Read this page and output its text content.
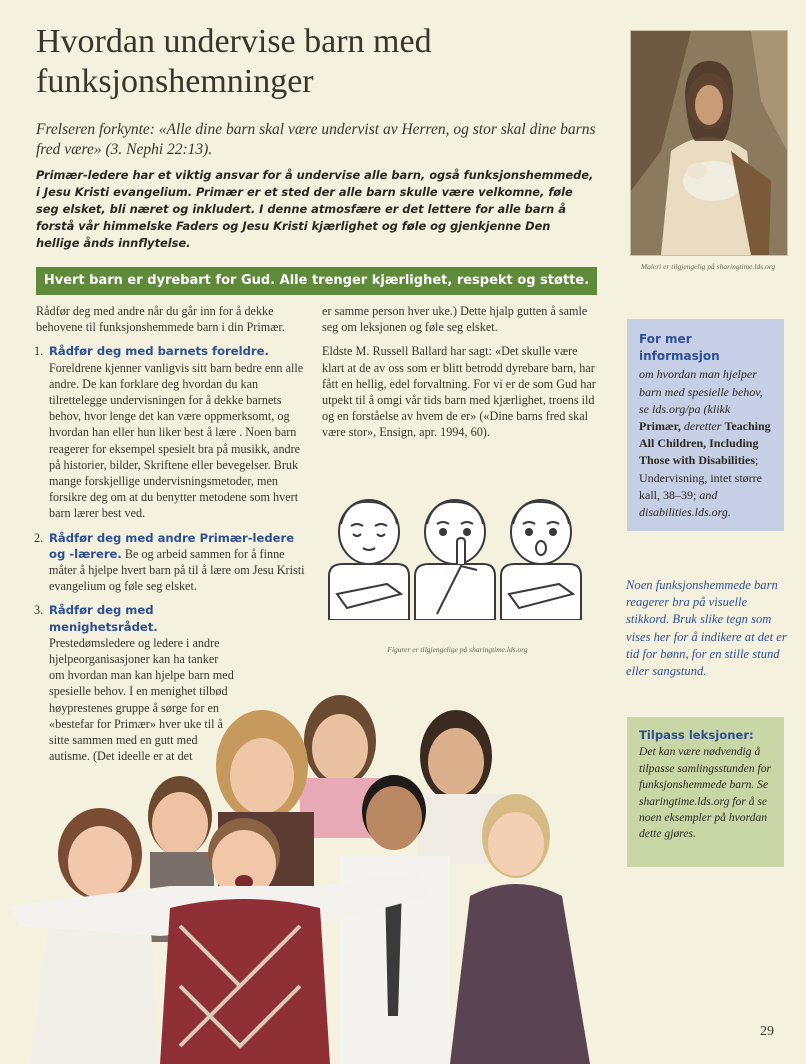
Hvordan undervise barn med funksjonshemninger
Frelseren forkynte: «Alle dine barn skal være undervist av Herren, og stor skal dine barns fred være» (3. Nephi 22:13).
Primær-ledere har et viktig ansvar for å undervise alle barn, også funksjonshemmede, i Jesu Kristi evangelium. Primær er et sted der alle barn skulle være velkomne, føle seg elsket, bli næret og inkludert. I denne atmosfære er det lettere for alle barn å forstå vår himmelske Faders og Jesu Kristi kjærlighet og føle og gjenkjenne Den hellige ånds innflytelse.
Hvert barn er dyrebart for Gud. Alle trenger kjærlighet, respekt og støtte.

Rådfør deg med andre når du går inn for å dekke behovene til funksjonshemmede barn i din Primær.

1. Rådfør deg med barnets foreldre. Foreldrene kjenner vanligvis sitt barn bedre enn alle andre. De kan forklare deg hvordan du kan tilrettelegge undervisningen for å dekke barnets behov, hvor lenge det kan være oppmerksomt, og hvordan han eller hun liker best å lære . Noen barn reagerer for eksempel spesielt bra på musikk, andre på historier, bilder, Skriftene eller bevegelser. Bruk mange forskjellige undervisningsmetoder, men forsikre deg om at du benytter metodene som hvert barn lærer best ved.
2. Rådfør deg med andre Primær-ledere og -lærere. Be og arbeid sammen for å finne måter å hjelpe hvert barn på til å lære om Jesu Kristi evangelium og føle seg elsket.
3. Rådfør deg med menighetsrådet. Prestedømsledere og ledere i andre hjelpeorganisasjoner kan ha tanker om hvordan man kan hjelpe barn med spesielle behov. I en menighet tilbød høyprestenes gruppe å sørge for en «bestefar for Primær» hver uke til å sitte sammen med en gutt med autisme. (Det ideelle er at det

er samme person hver uke.) Dette hjalp gutten å samle seg om leksjonen og føle seg elsket.

Eldste M. Russell Ballard har sagt: «Det skulle være klart at de av oss som er blitt betrodd dyrebare barn, har fått en hellig, edel forvaltning. For vi er de som Gud har utpekt til å omgi vår tids barn med kjærlighet, troens ild og en forståelse av hvem de er» («Dine barns fred skal være stor», Ensign, apr. 1994, 60).

Figurer er tilgjengelige på sharingtime.lds.org
Maleri er tilgjengelig på sharingtime.lds.org
For mer informasjon
om hvordan man hjelper barn med spesielle behov, se lds.org/pa (klikk Primær, deretter Teaching All Children, Including Those with Disabilities; Undervisning, intet større kall, 38–39; and disabilities.lds.org.
Noen funksjonshemmede barn reagerer bra på visuelle stikkord. Bruk slike tegn som vises her for å indikere at det er tid for bønn, for en stille stund eller sangstund.
Tilpass leksjoner: Det kan være nødvendig å tilpasse samlingsstunden for funksjonshemmede barn. Se sharingtime.lds.org for å se noen eksempler på hvordan dette gjøres.
29
